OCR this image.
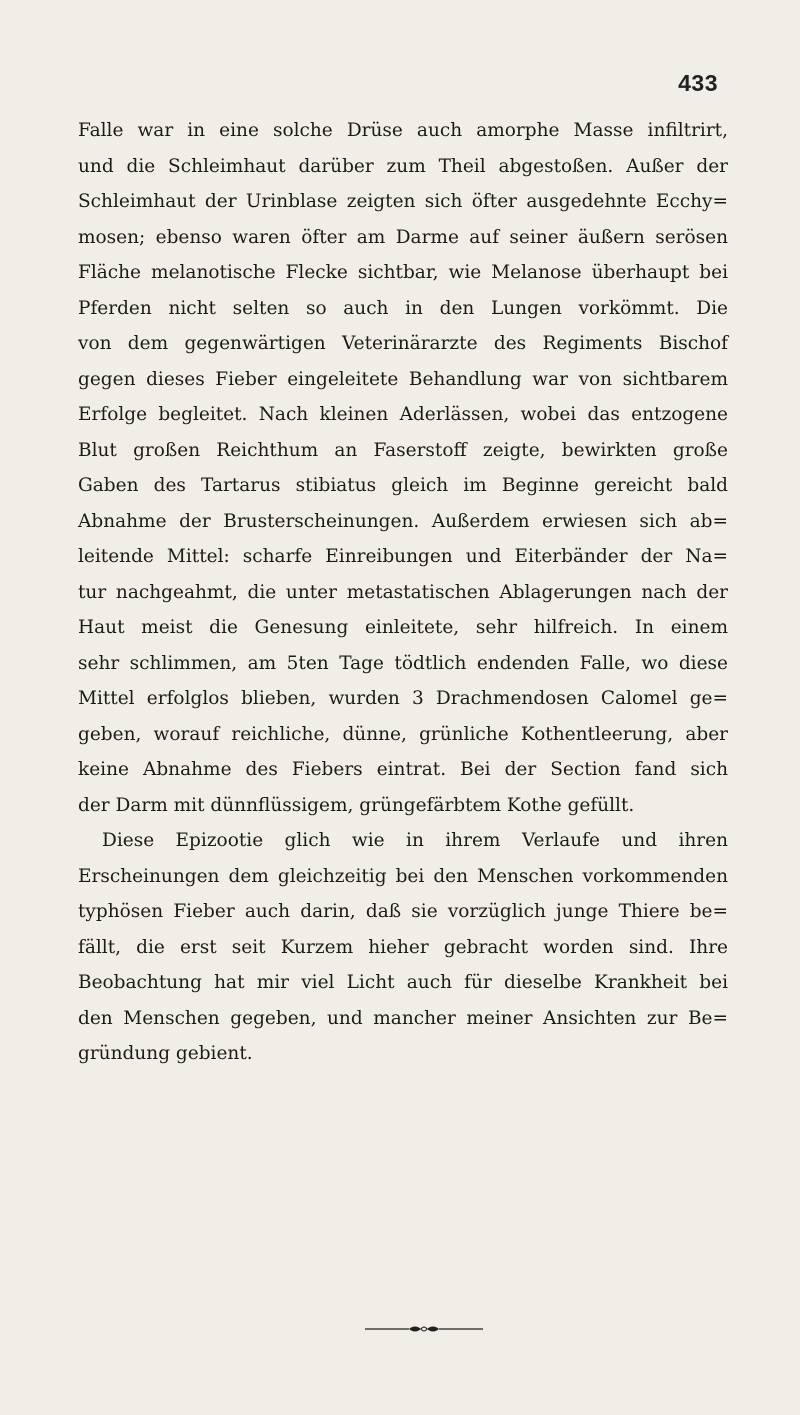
433
Falle war in eine solche Drüse auch amorphe Masse infiltrirt,
und die Schleimhaut darüber zum Theil abgestoßen. Außer der
Schleimhaut der Urinblase zeigten sich öfter ausgedehnte Ecchy=
mosen; ebenso waren öfter am Darme auf seiner äußern serösen
Fläche melanotische Flecke sichtbar, wie Melanose überhaupt bei
Pferden nicht selten so auch in den Lungen vorkömmt. Die
von dem gegenwärtigen Veterinärarzte des Regiments Bischof
gegen dieses Fieber eingeleitete Behandlung war von sichtbarem
Erfolge begleitet. Nach kleinen Aderlässen, wobei das entzogene
Blut großen Reichthum an Faserstoff zeigte, bewirkten große
Gaben des Tartarus stibiatus gleich im Beginne gereicht bald
Abnahme der Brusterscheinungen. Außerdem erwiesen sich ab=
leitende Mittel: scharfe Einreibungen und Eiterbänder der Na=
tur nachgeahmt, die unter metastatischen Ablagerungen nach der
Haut meist die Genesung einleitete, sehr hilfreich. In einem
sehr schlimmen, am 5ten Tage tödtlich endenden Falle, wo diese
Mittel erfolglos blieben, wurden 3 Drachmendosen Calomel ge=
geben, worauf reichliche, dünne, grünliche Kothentleerung, aber
keine Abnahme des Fiebers eintrat. Bei der Section fand sich
der Darm mit dünnflüssigem, grüngefärbtem Kothe gefüllt.
Diese Epizootie glich wie in ihrem Verlaufe und ihren
Erscheinungen dem gleichzeitig bei den Menschen vorkommenden
typhösen Fieber auch darin, daß sie vorzüglich junge Thiere be=
fällt, die erst seit Kurzem hieher gebracht worden sind. Ihre
Beobachtung hat mir viel Licht auch für dieselbe Krankheit bei
den Menschen gegeben, und mancher meiner Ansichten zur Be=
gründung gebient.
